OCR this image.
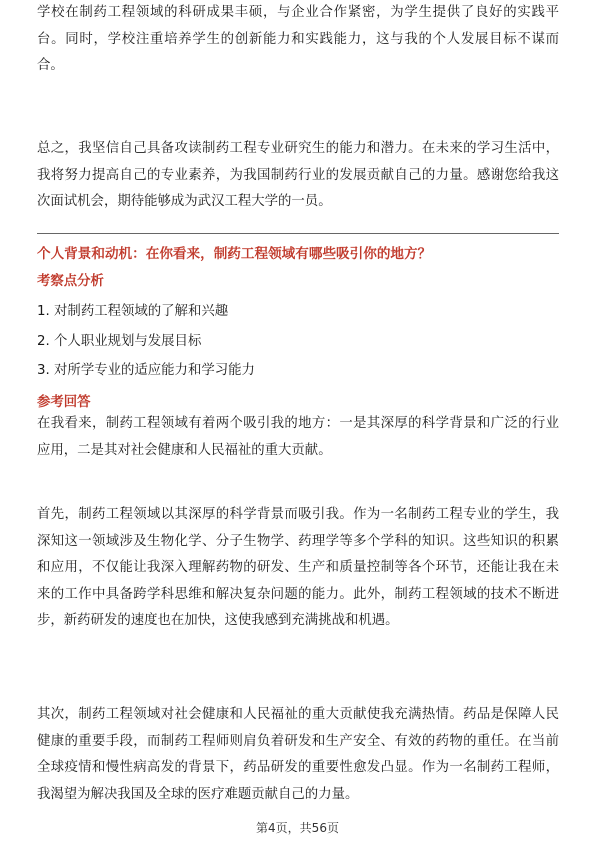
学校在制药工程领域的科研成果丰硕，与企业合作紧密，为学生提供了良好的实践平台。同时，学校注重培养学生的创新能力和实践能力，这与我的个人发展目标不谋而合。

总之，我坚信自己具备攻读制药工程专业研究生的能力和潜力。在未来的学习生活中，我将努力提高自己的专业素养，为我国制药行业的发展贡献自己的力量。感谢您给我这次面试机会，期待能够成为武汉工程大学的一员。

个人背景和动机：在你看来，制药工程领域有哪些吸引你的地方？

考察点分析

1. 对制药工程领域的了解和兴趣
2. 个人职业规划与发展目标
3. 对所学专业的适应能力和学习能力

参考回答

在我看来，制药工程领域有着两个吸引我的地方：一是其深厚的科学背景和广泛的行业应用，二是其对社会健康和人民福祉的重大贡献。

首先，制药工程领域以其深厚的科学背景而吸引我。作为一名制药工程专业的学生，我深知这一领域涉及生物化学、分子生物学、药理学等多个学科的知识。这些知识的积累和应用，不仅能让我深入理解药物的研发、生产和质量控制等各个环节，还能让我在未来的工作中具备跨学科思维和解决复杂问题的能力。此外，制药工程领域的技术不断进步，新药研发的速度也在加快，这使我感到充满挑战和机遇。

其次，制药工程领域对社会健康和人民福祉的重大贡献使我充满热情。药品是保障人民健康的重要手段，而制药工程师则肩负着研发和生产安全、有效的药物的重任。在当前全球疫情和慢性病高发的背景下，药品研发的重要性愈发凸显。作为一名制药工程师，我渴望为解决我国及全球的医疗难题贡献自己的力量。

第4页，共56页
